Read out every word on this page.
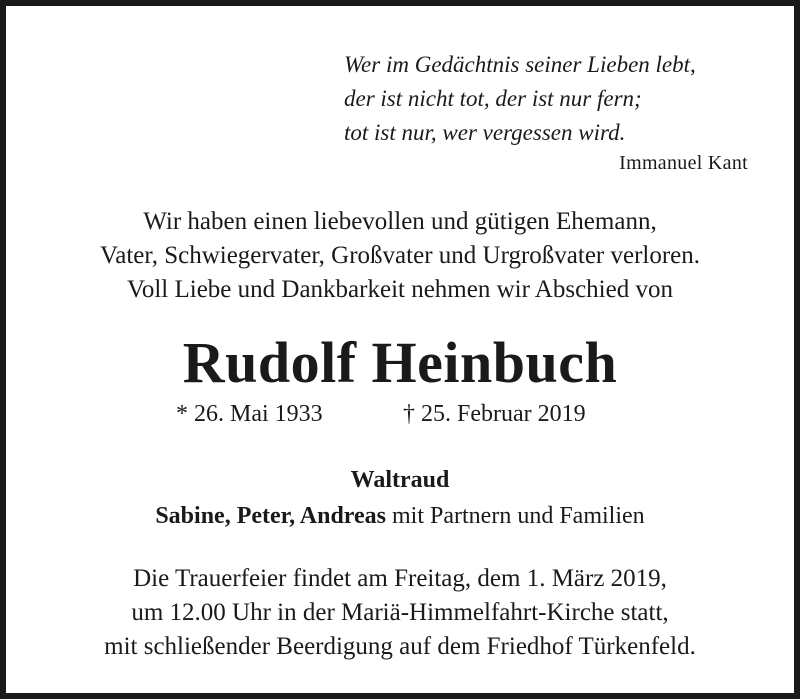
Wer im Gedächtnis seiner Lieben lebt,
der ist nicht tot, der ist nur fern;
tot ist nur, wer vergessen wird.
Immanuel Kant
Wir haben einen liebevollen und gütigen Ehemann,
Vater, Schwiegervater, Großvater und Urgroßvater verloren.
Voll Liebe und Dankbarkeit nehmen wir Abschied von
Rudolf Heinbuch
* 26. Mai 1933	† 25. Februar 2019
Waltraud
Sabine, Peter, Andreas mit Partnern und Familien
Die Trauerfeier findet am Freitag, dem 1. März 2019,
um 12.00 Uhr in der Mariä-Himmelfahrt-Kirche statt,
mit schließender Beerdigung auf dem Friedhof Türkenfeld.
